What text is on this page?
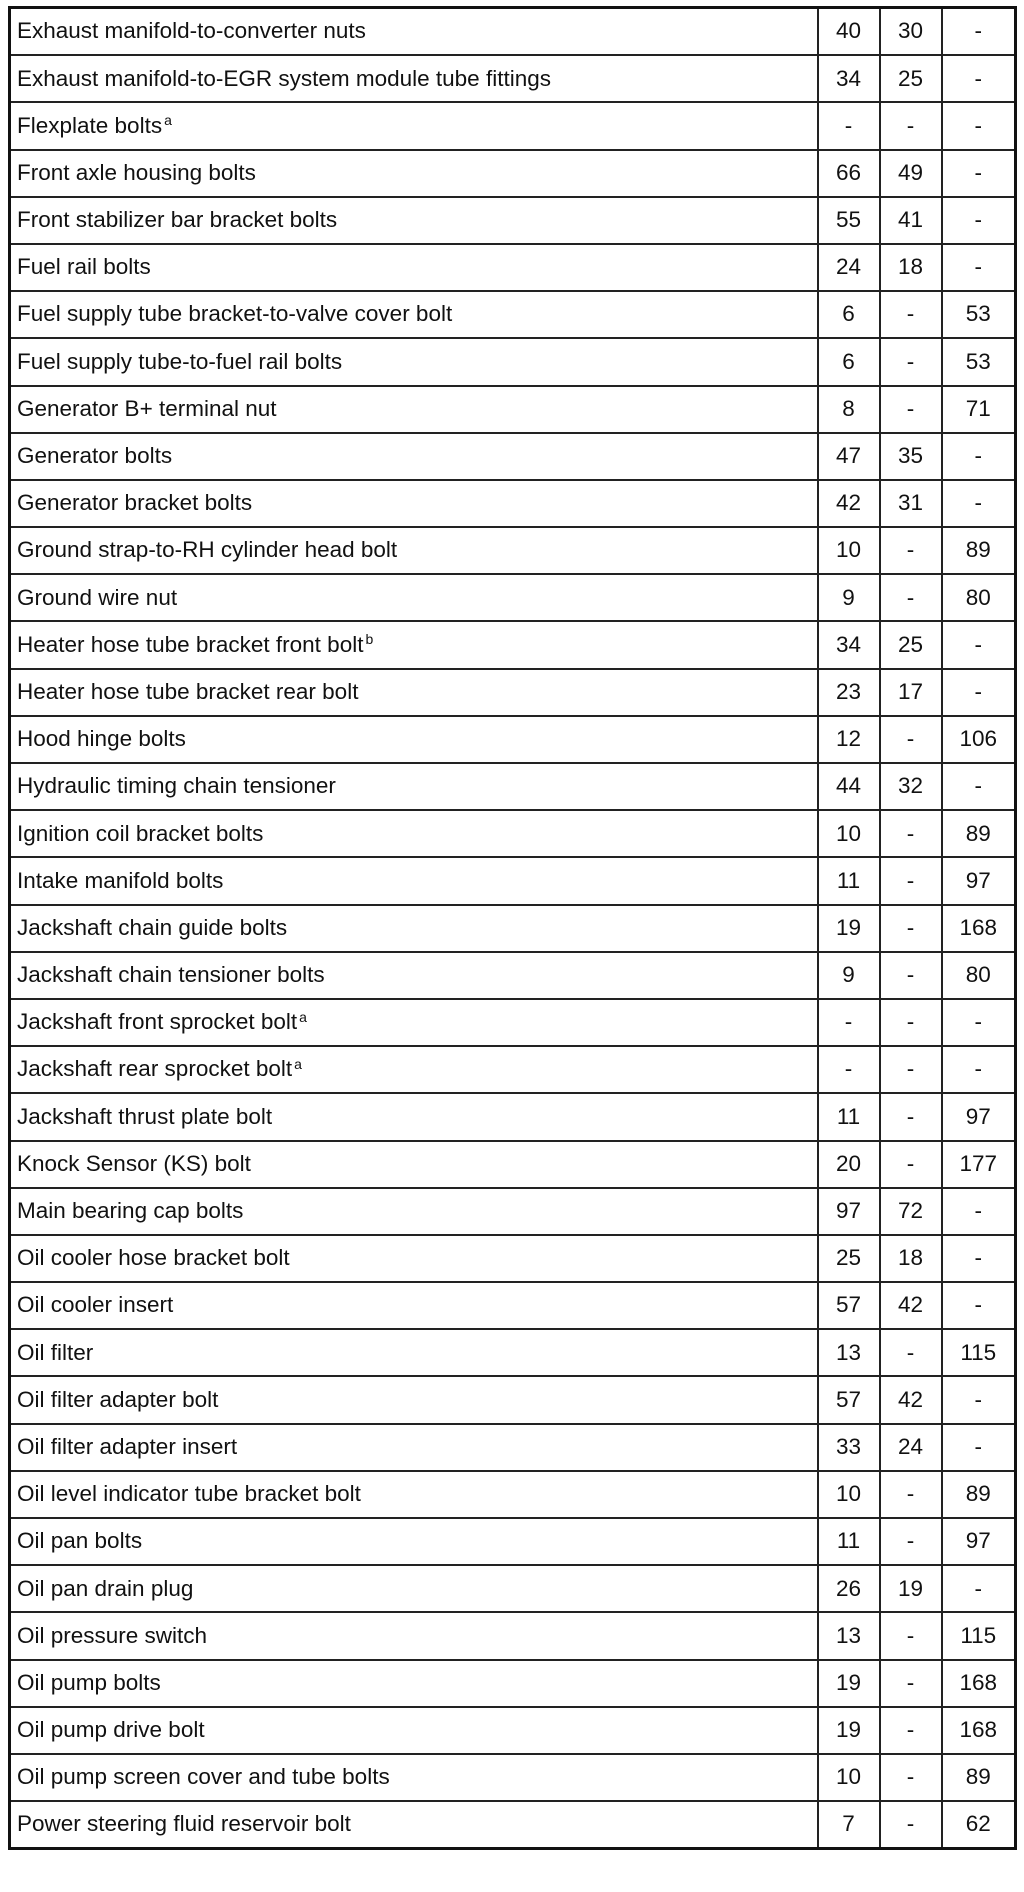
Exhaust manifold-to-converter nuts	40	30	-
Exhaust manifold-to-EGR system module tube fittings	34	25	-
Flexplate bolts $^a$	-	-	-
Front axle housing bolts	66	49	-
Front stabilizer bar bracket bolts	55	41	-
Fuel rail bolts	24	18	-
Fuel supply tube bracket-to-valve cover bolt	6	-	53
Fuel supply tube-to-fuel rail bolts	6	-	53
Generator B+ terminal nut	8	-	71
Generator bolts	47	35	-
Generator bracket bolts	42	31	-
Ground strap-to-RH cylinder head bolt	10	-	89
Ground wire nut	9	-	80
Heater hose tube bracket front bolt $^b$	34	25	-
Heater hose tube bracket rear bolt	23	17	-
Hood hinge bolts	12	-	106
Hydraulic timing chain tensioner	44	32	-
Ignition coil bracket bolts	10	-	89
Intake manifold bolts	11	-	97
Jackshaft chain guide bolts	19	-	168
Jackshaft chain tensioner bolts	9	-	80
Jackshaft front sprocket bolt $^a$	-	-	-
Jackshaft rear sprocket bolt $^a$	-	-	-
Jackshaft thrust plate bolt	11	-	97
Knock Sensor (KS) bolt	20	-	177
Main bearing cap bolts	97	72	-
Oil cooler hose bracket bolt	25	18	-
Oil cooler insert	57	42	-
Oil filter	13	-	115
Oil filter adapter bolt	57	42	-
Oil filter adapter insert	33	24	-
Oil level indicator tube bracket bolt	10	-	89
Oil pan bolts	11	-	97
Oil pan drain plug	26	19	-
Oil pressure switch	13	-	115
Oil pump bolts	19	-	168
Oil pump drive bolt	19	-	168
Oil pump screen cover and tube bolts	10	-	89
Power steering fluid reservoir bolt	7	-	62
